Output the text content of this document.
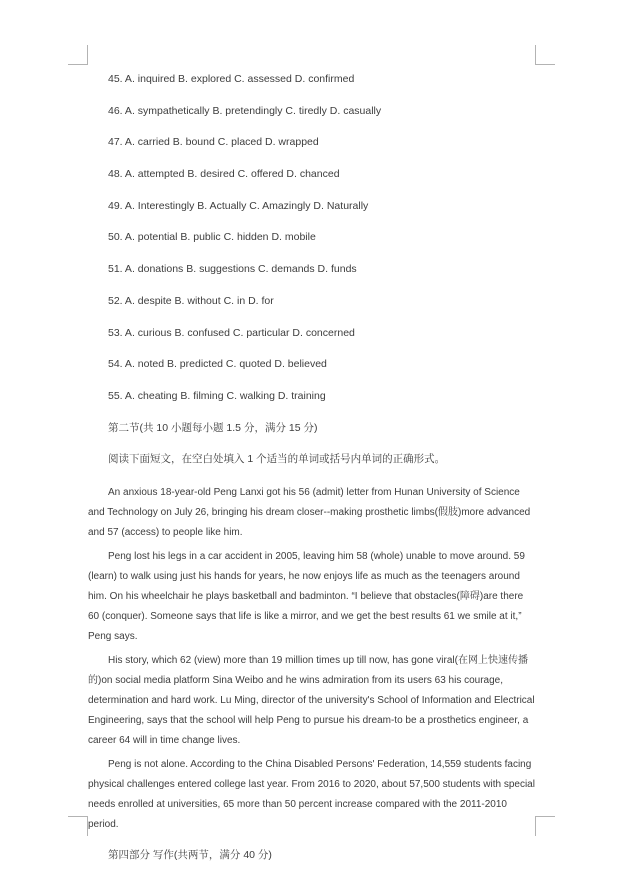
45. A. inquired B. explored C. assessed D. confirmed
46. A. sympathetically B. pretendingly C. tiredly D. casually
47. A. carried B. bound C. placed D. wrapped
48. A. attempted B. desired C. offered D. chanced
49. A. Interestingly B. Actually C. Amazingly D. Naturally
50. A. potential B. public C. hidden D. mobile
51. A. donations B. suggestions C. demands D. funds
52. A. despite B. without C. in D. for
53. A. curious B. confused C. particular D. concerned
54. A. noted B. predicted C. quoted D. believed
55. A. cheating B. filming C. walking D. training
第二节(共 10 小题每小题 1.5 分，满分 15 分)
阅读下面短文，在空白处填入 1 个适当的单词或括号内单词的正确形式。

An anxious 18-year-old Peng Lanxi got his 56 (admit) letter from Hunan University of Science and Technology on July 26, bringing his dream closer--making prosthetic limbs(假肢)more advanced and 57 (access) to people like him.

Peng lost his legs in a car accident in 2005, leaving him 58 (whole) unable to move around. 59 (learn) to walk using just his hands for years, he now enjoys life as much as the teenagers around him. On his wheelchair he plays basketball and badminton. “I believe that obstacles(障碍)are there 60 (conquer). Someone says that life is like a mirror, and we get the best results 61 we smile at it,” Peng says.

His story, which 62 (view) more than 19 million times up till now, has gone viral(在网上快速传播的)on social media platform Sina Weibo and he wins admiration from its users 63 his courage, determination and hard work. Lu Ming, director of the university's School of Information and Electrical Engineering, says that the school will help Peng to pursue his dream-to be a prosthetics engineer, a career 64 will in time change lives.

Peng is not alone. According to the China Disabled Persons' Federation, 14,559 students facing physical challenges entered college last year. From 2016 to 2020, about 57,500 students with special needs enrolled at universities, 65 more than 50 percent increase compared with the 2011-2010 period.

第四部分 写作(共两节，满分 40 分)
